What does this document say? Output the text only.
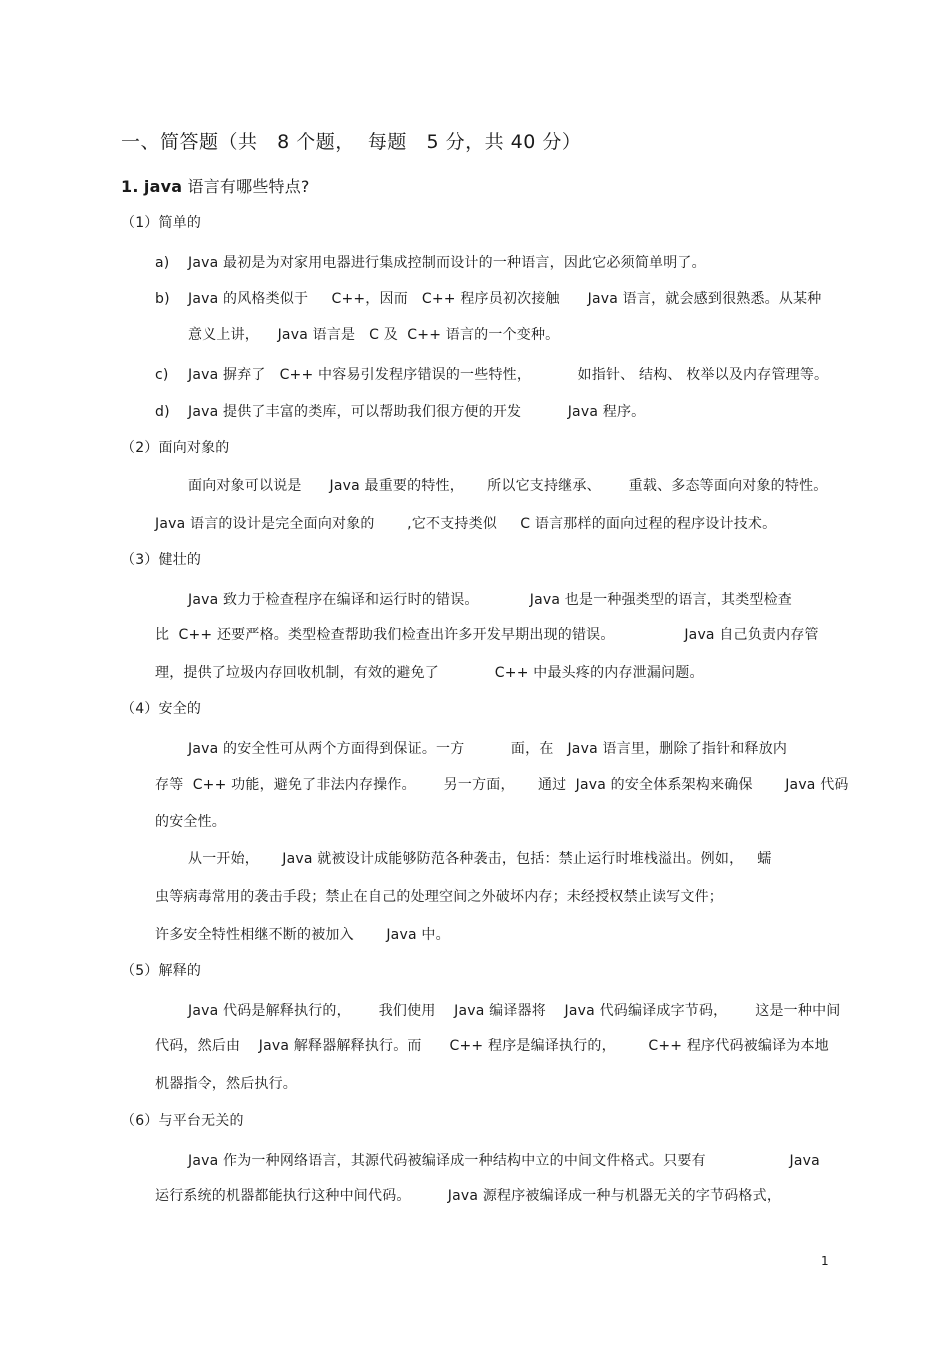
一、简答题（共   8 个题，  每题   5 分，共 40 分）
1. java 语言有哪些特点?
（1）简单的
a) Java 最初是为对家用电器进行集成控制而设计的一种语言，因此它必须简单明了。
b) Java 的风格类似于     C++，因而   C++ 程序员初次接触      Java 语言，就会感到很熟悉。从某种
意义上讲，    Java 语言是   C 及  C++ 语言的一个变种。
c) Java 摒弃了   C++ 中容易引发程序错误的一些特性，          如指针、 结构、 枚举以及内存管理等。
d) Java 提供了丰富的类库，可以帮助我们很方便的开发          Java 程序。
（2）面向对象的
面向对象可以说是      Java 最重要的特性，     所以它支持继承、      重载、多态等面向对象的特性。
Java 语言的设计是完全面向对象的       ,它不支持类似     C 语言那样的面向过程的程序设计技术。
（3）健壮的
Java 致力于检查程序在编译和运行时的错误。           Java 也是一种强类型的语言，其类型检查
比  C++ 还要严格。类型检查帮助我们检查出许多开发早期出现的错误。               Java 自己负责内存管
理，提供了垃圾内存回收机制，有效的避免了            C++ 中最头疼的内存泄漏问题。
（4）安全的
Java 的安全性可从两个方面得到保证。一方          面，在   Java 语言里，删除了指针和释放内
存等  C++ 功能，避免了非法内存操作。      另一方面，     通过  Java 的安全体系架构来确保       Java 代码
的安全性。
从一开始，     Java 就被设计成能够防范各种袭击，包括：禁止运行时堆栈溢出。例如，   蠕
虫等病毒常用的袭击手段；禁止在自己的处理空间之外破坏内存；未经授权禁止读写文件；
许多安全特性相继不断的被加入       Java 中。
（5）解释的
Java 代码是解释执行的，      我们使用    Java 编译器将    Java 代码编译成字节码，      这是一种中间
代码，然后由    Java 解释器解释执行。而      C++ 程序是编译执行的，       C++ 程序代码被编译为本地
机器指令，然后执行。
（6）与平台无关的
Java 作为一种网络语言，其源代码被编译成一种结构中立的中间文件格式。只要有                  Java
运行系统的机器都能执行这种中间代码。        Java 源程序被编译成一种与机器无关的字节码格式，
1
